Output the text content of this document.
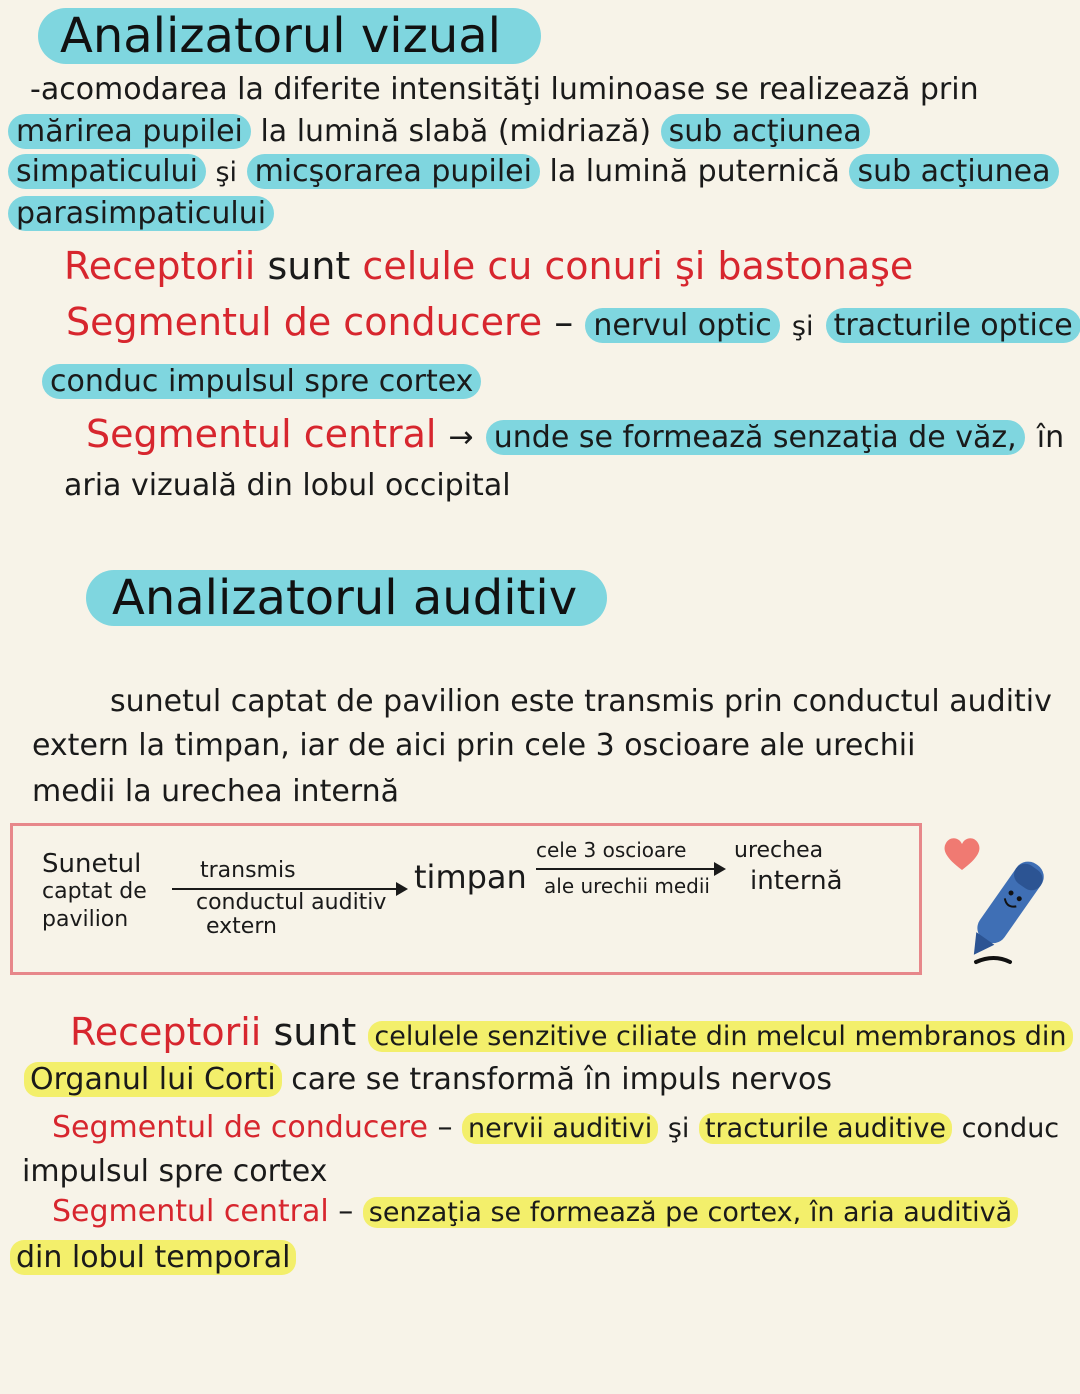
Analizatorul vizual
-acomodarea la diferite intensităţi luminoase se realizează prin
mărirea pupilei la lumină slabă (midriază) sub acţiunea
simpaticului şi micşorarea pupilei la lumină puternică sub acţiunea
parasimpaticului
Receptorii sunt celule cu conuri şi bastonaşe
Segmentul de conducere – nervul optic şi tracturile optice
conduc impulsul spre cortex
Segmentul central → unde se formează senzaţia de văz, în
aria vizuală din lobul occipital
Analizatorul auditiv
sunetul captat de pavilion este transmis prin conductul auditiv
extern la timpan, iar de aici prin cele 3 oscioare ale urechii
medii la urechea internă
Sunetul
captat de
pavilion
transmis
conductul auditiv
extern
timpan
cele 3 oscioare
ale urechii medii
urechea
internă
Receptorii sunt celulele senzitive ciliate din melcul membranos din
Organul lui Corti care se transformă în impuls nervos
Segmentul de conducere – nervii auditivi şi tracturile auditive conduc
impulsul spre cortex
Segmentul central – senzaţia se formează pe cortex, în aria auditivă
din lobul temporal
